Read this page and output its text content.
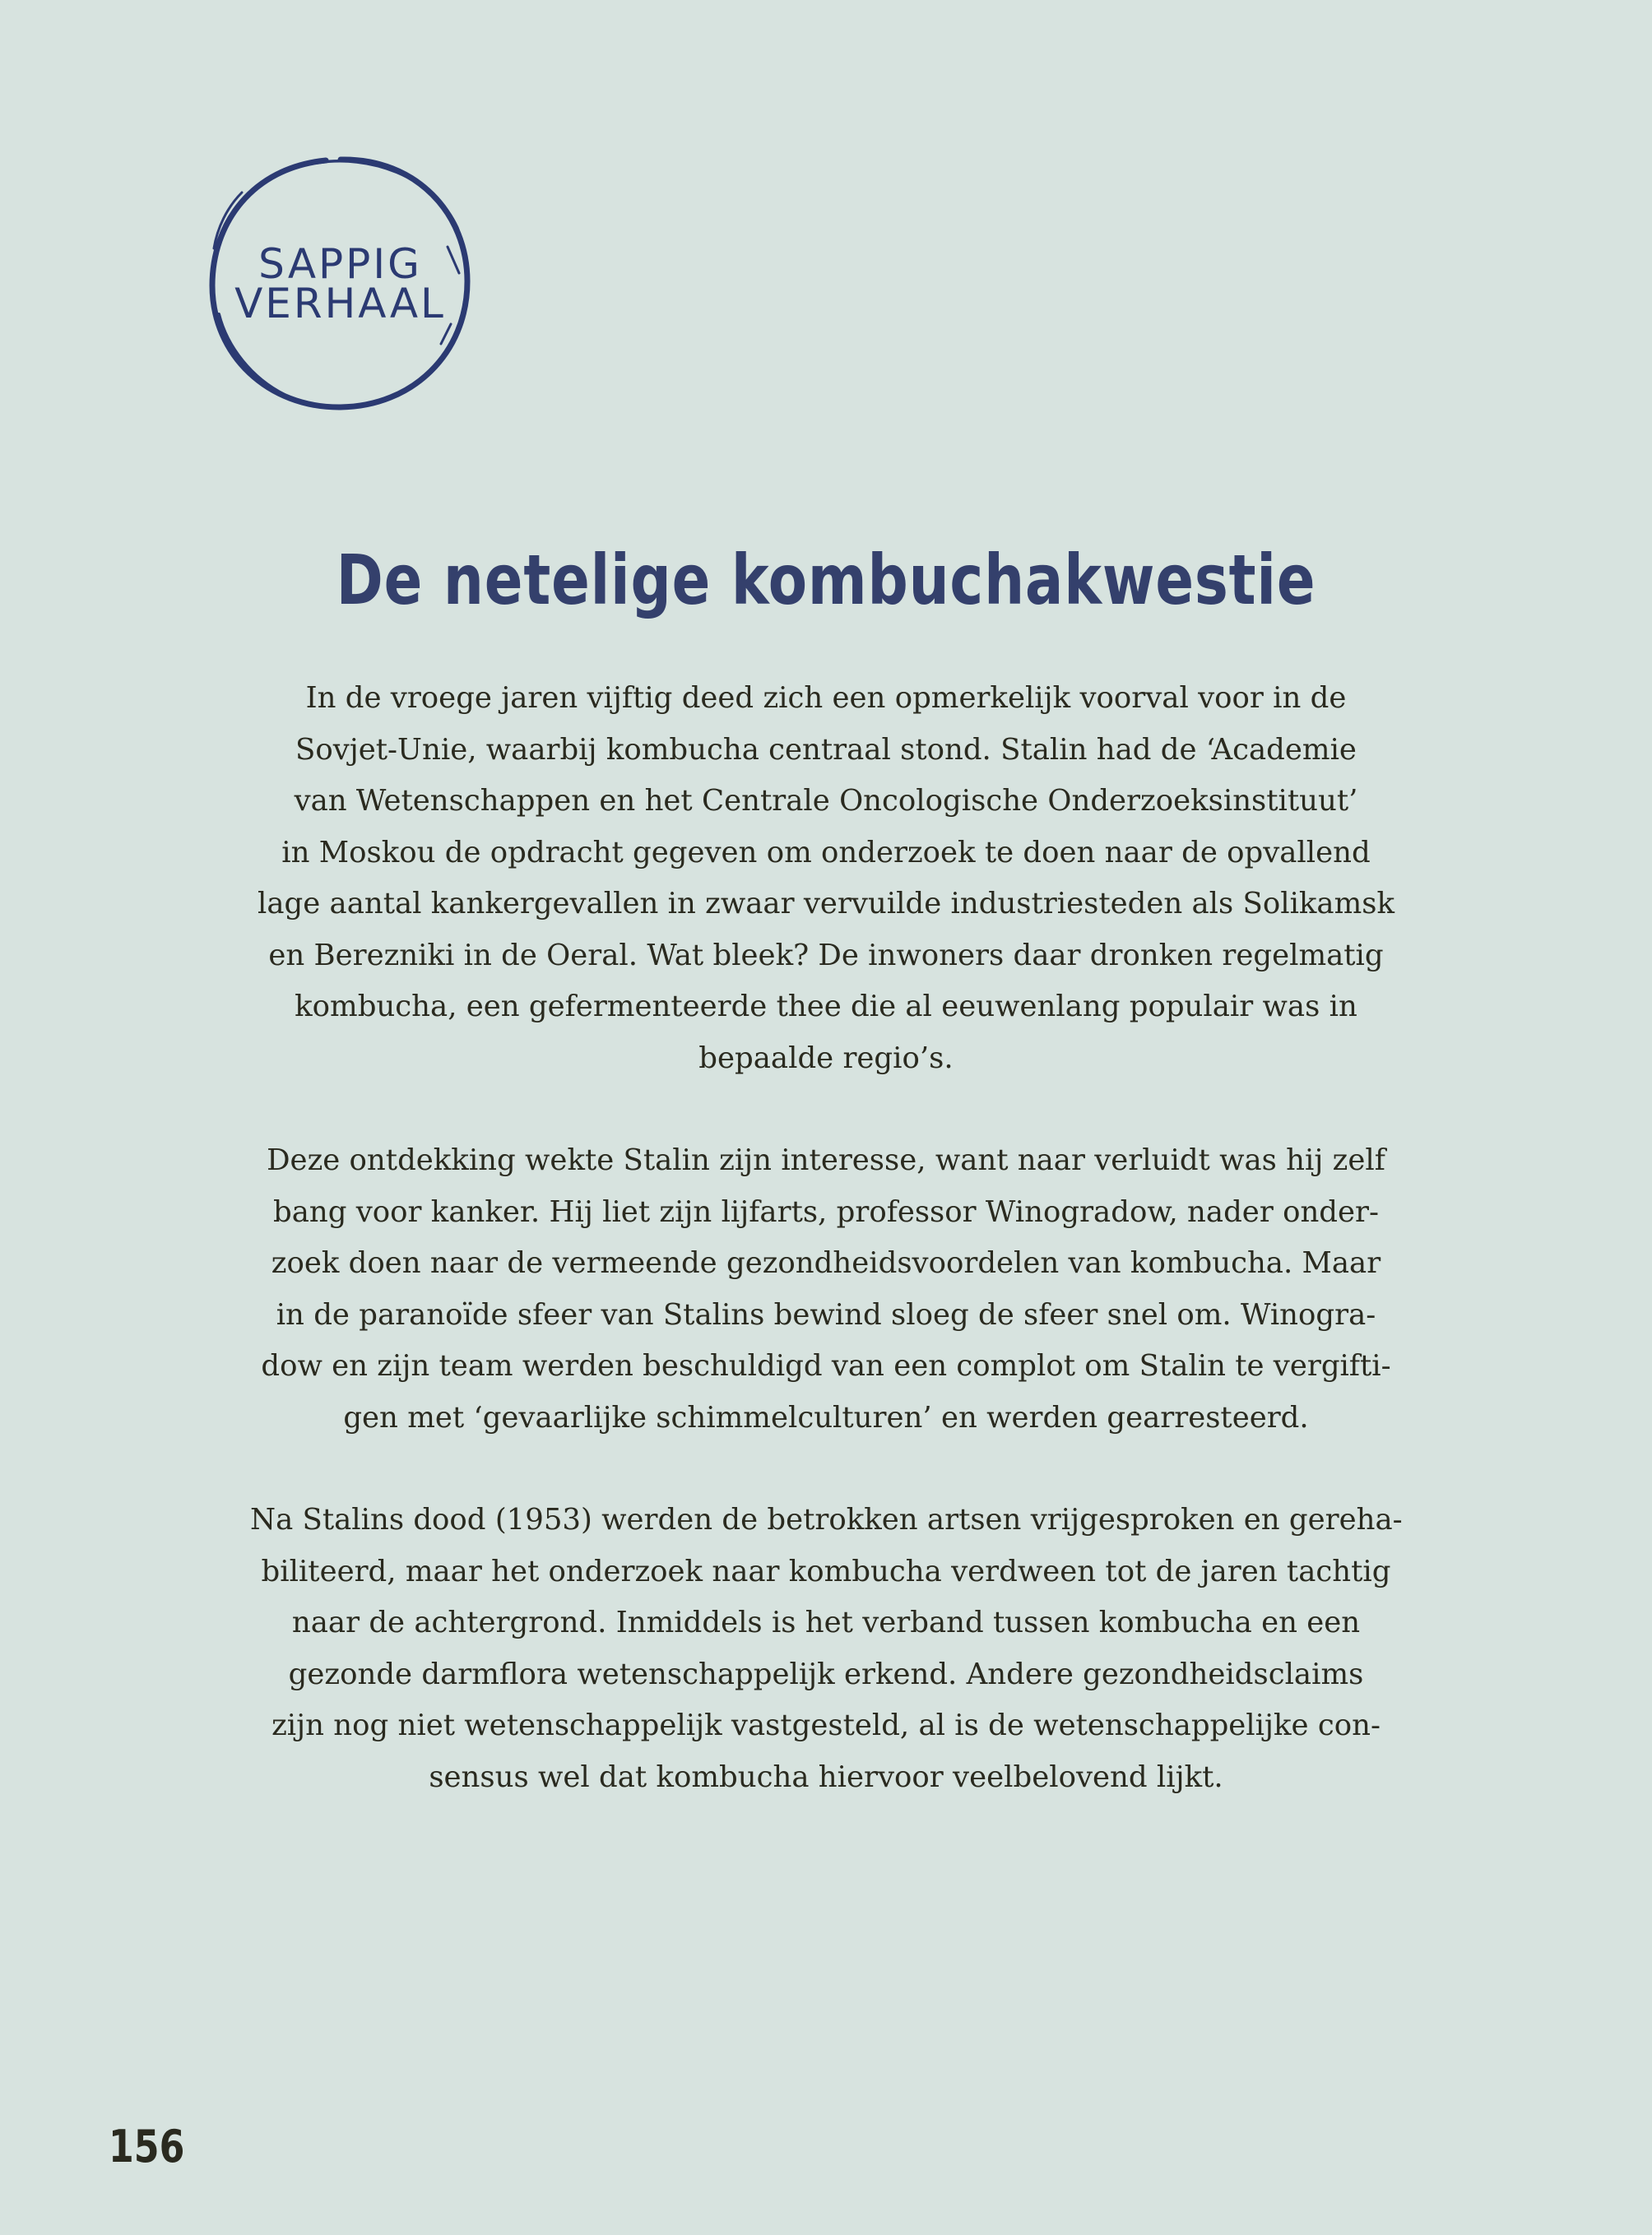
SAPPIG
VERHAAL
De netelige kombuchakwestie
In de vroege jaren vijftig deed zich een opmerkelijk voorval voor in de
Sovjet-Unie, waarbij kombucha centraal stond. Stalin had de ‘Academie
van Wetenschappen en het Centrale Oncologische Onderzoeksinstituut’
in Moskou de opdracht gegeven om onderzoek te doen naar de opvallend
lage aantal kankergevallen in zwaar vervuilde industriesteden als Solikamsk
en Berezniki in de Oeral. Wat bleek? De inwoners daar dronken regelmatig
kombucha, een gefermenteerde thee die al eeuwenlang populair was in
bepaalde regio’s.
Deze ontdekking wekte Stalin zijn interesse, want naar verluidt was hij zelf
bang voor kanker. Hij liet zijn lijfarts, professor Winogradow, nader onder-
zoek doen naar de vermeende gezondheidsvoordelen van kombucha. Maar
in de paranoïde sfeer van Stalins bewind sloeg de sfeer snel om. Winogra-
dow en zijn team werden beschuldigd van een complot om Stalin te vergifti-
gen met ‘gevaarlijke schimmelculturen’ en werden gearresteerd.
Na Stalins dood (1953) werden de betrokken artsen vrijgesproken en gereha-
biliteerd, maar het onderzoek naar kombucha verdween tot de jaren tachtig
naar de achtergrond. Inmiddels is het verband tussen kombucha en een
gezonde darmflora wetenschappelijk erkend. Andere gezondheidsclaims
zijn nog niet wetenschappelijk vastgesteld, al is de wetenschappelijke con-
sensus wel dat kombucha hiervoor veelbelovend lijkt.
156
